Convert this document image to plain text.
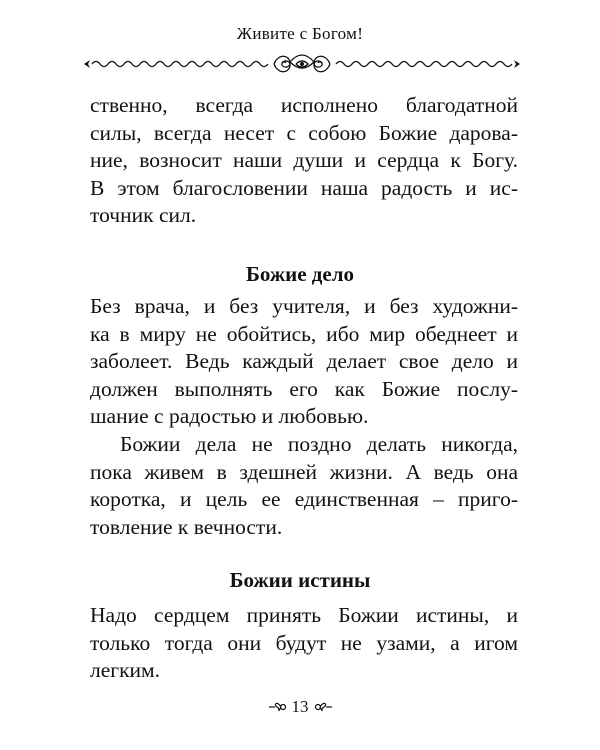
Живите с Богом!
ственно, всегда исполнено благодатной
силы, всегда несет с собою Божие дарова-
ние, возносит наши души и сердца к Богу.
В этом благословении наша радость и ис-
точник сил.
Божие дело
Без врача, и без учителя, и без художни-
ка в миру не обойтись, ибо мир обеднеет и
заболеет. Ведь каждый делает свое дело и
должен выполнять его как Божие послу-
шание с радостью и любовью.
Божии дела не поздно делать никогда,
пока живем в здешней жизни. А ведь она
коротка, и цель ее единственная – приго-
товление к вечности.
Божии истины
Надо сердцем принять Божии истины, и
только тогда они будут не узами, а игом
легким.
13
